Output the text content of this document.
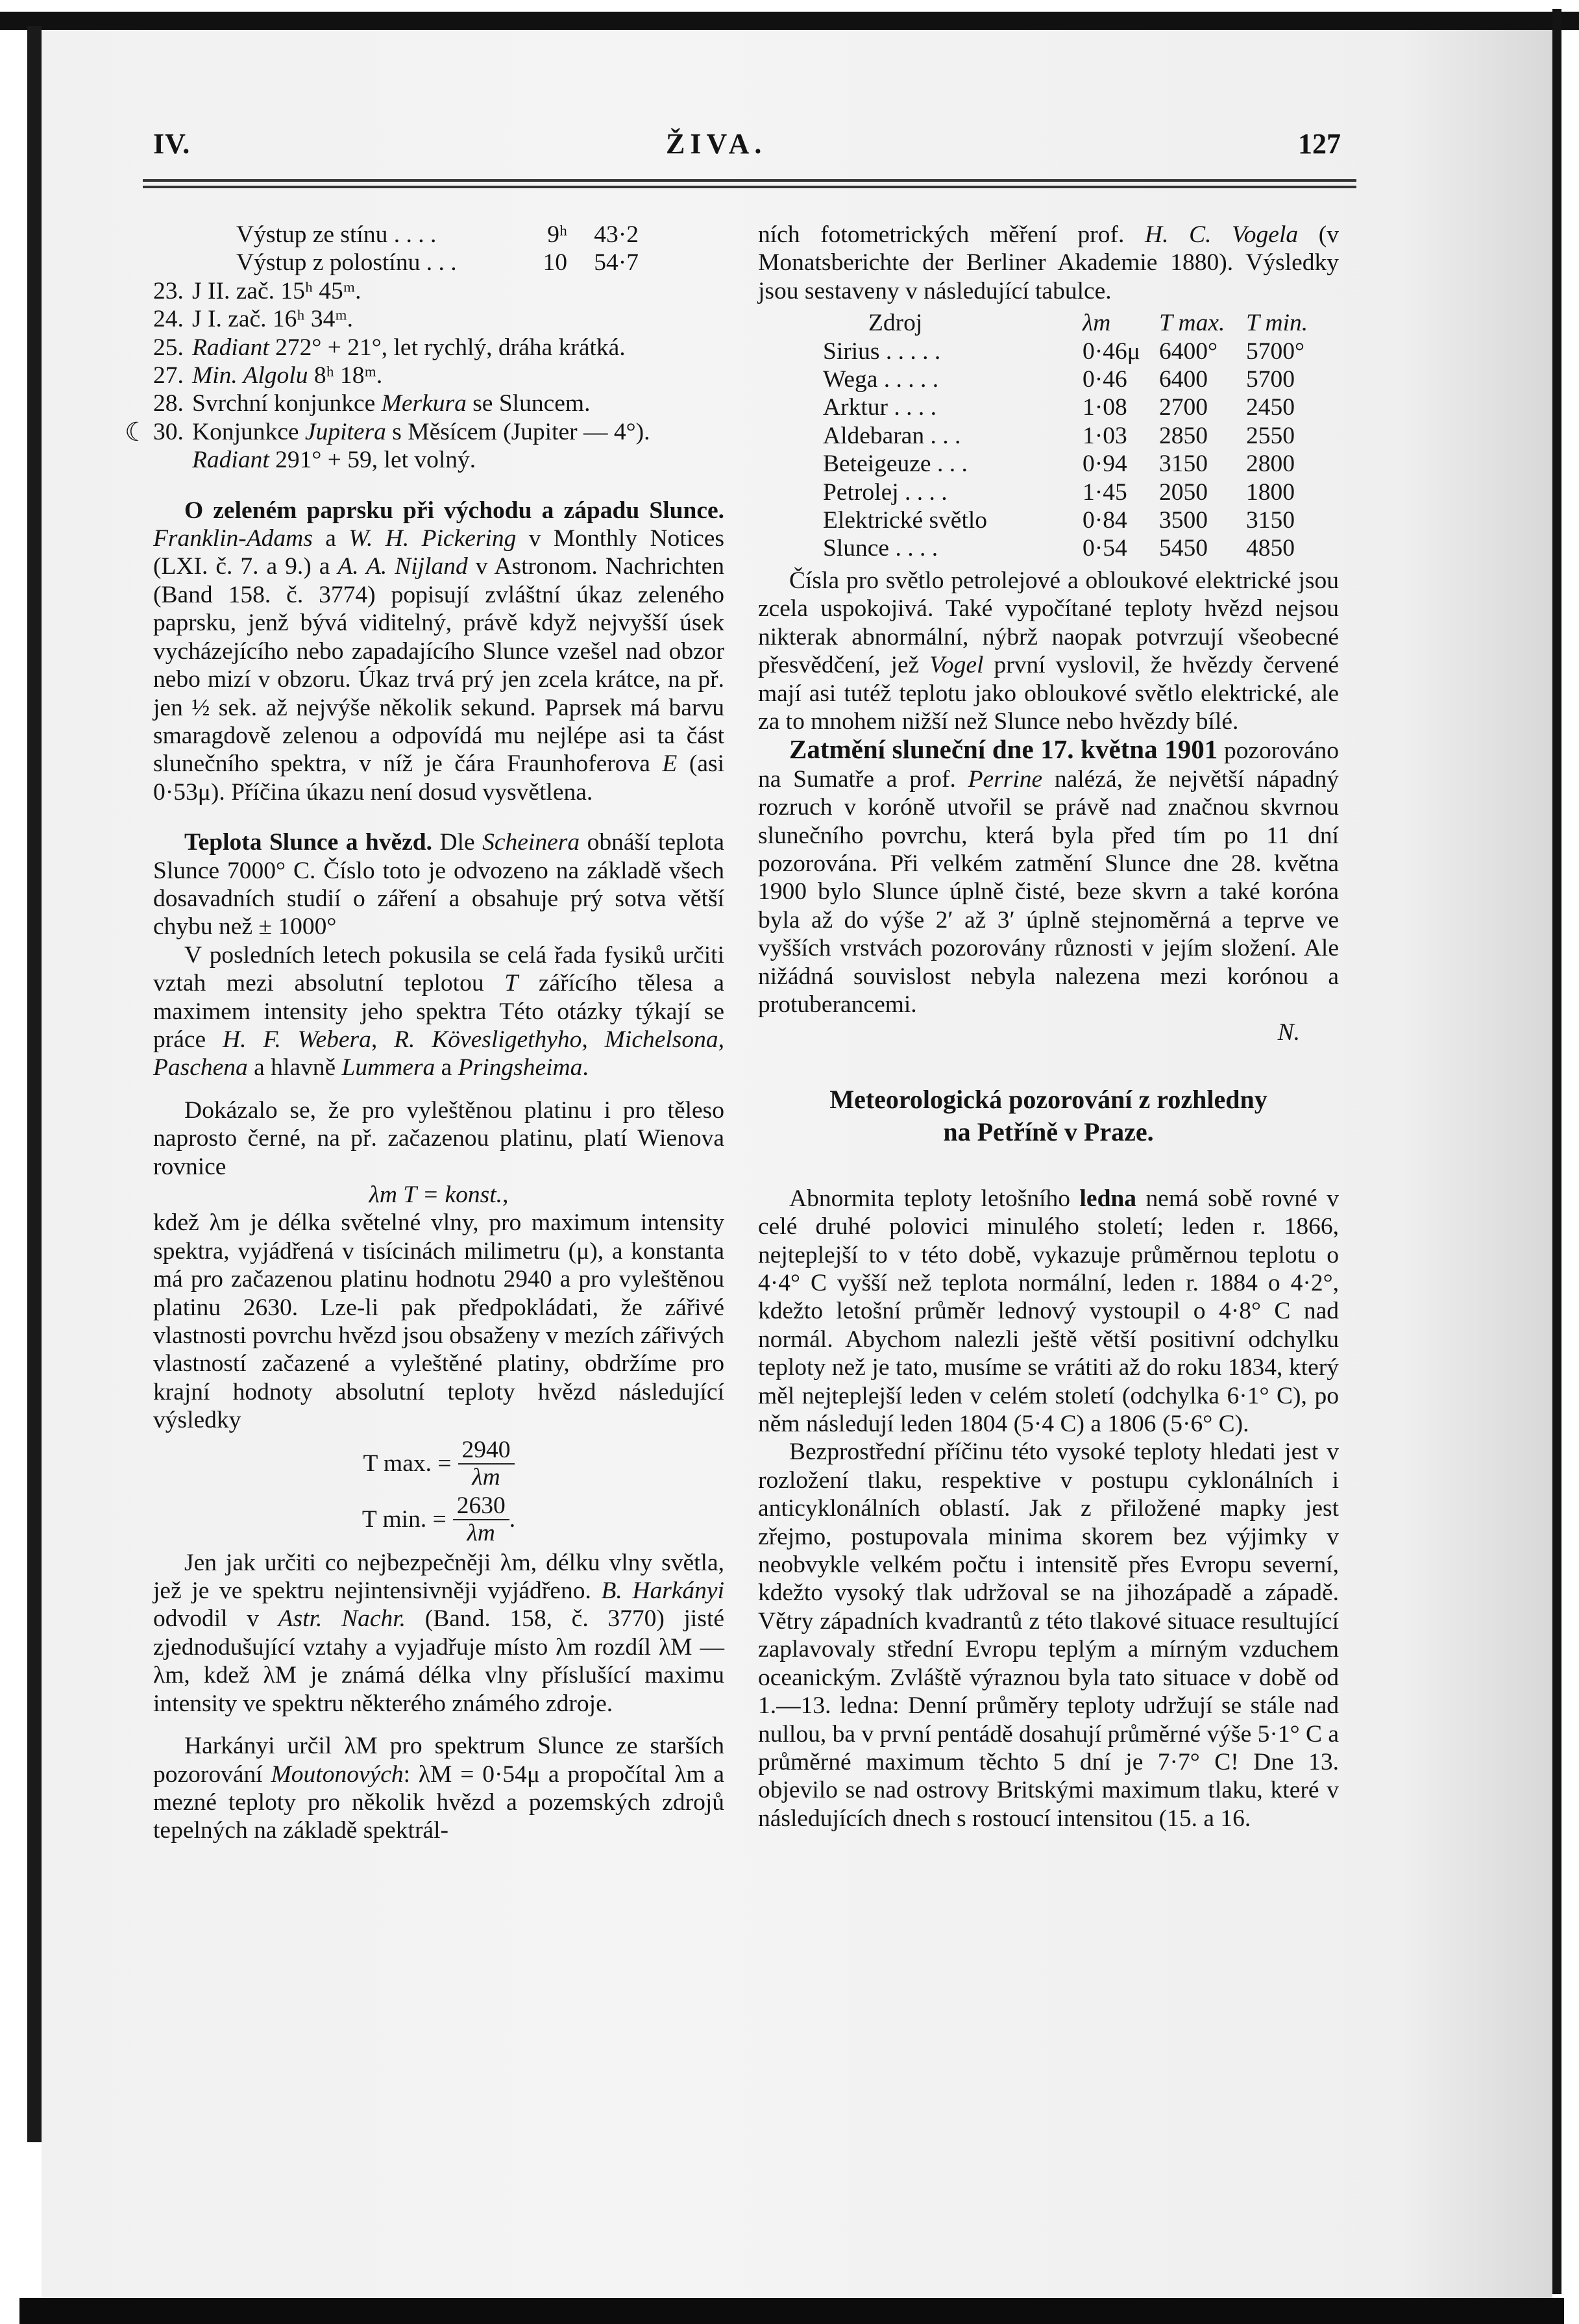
IV.	ŽIVA.	127
Výstup ze stínu . . . .	9ʰ	43·2
Výstup z polostínu . . .	10	54·7
23. J II. zač. 15ʰ 45ᵐ.
24. J I. zač. 16ʰ 34ᵐ.
25. Radiant 272° + 21°, let rychlý, dráha krátká.
27. Min. Algolu 8ʰ 18ᵐ.
28. Svrchní konjunkce Merkura se Sluncem.
☾ 30. Konjunkce Jupitera s Měsícem (Jupiter — 4°).
Radiant 291° + 59, let volný.

O zeleném paprsku při východu a západu Slunce. Franklin-Adams a W. H. Pickering v Monthly Notices (LXI. č. 7. a 9.) a A. A. Nijland v Astronom. Nachrichten (Band 158. č. 3774) popisují zvláštní úkaz zeleného paprsku, jenž bývá viditelný, právě když nejvyšší úsek vycházejícího nebo zapadajícího Slunce vzešel nad obzor nebo mizí v obzoru. Úkaz trvá prý jen zcela krátce, na př. jen ½ sek. až nejvýše několik sekund. Paprsek má barvu smaragdově zelenou a odpovídá mu nejlépe asi ta část slunečního spektra, v níž je čára Fraunhoferova E (asi 0·53μ). Příčina úkazu není dosud vysvětlena.

Teplota Slunce a hvězd. Dle Scheinera obnáší teplota Slunce 7000° C. Číslo toto je odvozeno na základě všech dosavadních studií o záření a obsahuje prý sotva větší chybu než ± 1000°

V posledních letech pokusila se celá řada fysiků určiti vztah mezi absolutní teplotou T zářícího tělesa a maximem intensity jeho spektra Této otázky týkají se práce H. F. Webera, R. Kövesligethyho, Michelsona, Paschena a hlavně Lummera a Pringsheima.

Dokázalo se, že pro vyleštěnou platinu i pro těleso naprosto černé, na př. začazenou platinu, platí Wienova rovnice

λm T = konst.,

kdež λm je délka světelné vlny, pro maximum intensity spektra, vyjádřená v tisícinách milimetru (μ), a konstanta má pro začazenou platinu hodnotu 2940 a pro vyleštěnou platinu 2630. Lze-li pak předpokládati, že zářivé vlastnosti povrchu hvězd jsou obsaženy v mezích zářivých vlastností začazené a vyleštěné platiny, obdržíme pro krajní hodnoty absolutní teploty hvězd následující výsledky

T max. = $\frac{2940}{\lambda m}$
T min. = $\frac{2630}{\lambda m}$ .

Jen jak určiti co nejbezpečněji λm, délku vlny světla, jež je ve spektru nejintensivněji vyjádřeno. B. Harkányi odvodil v Astr. Nachr. (Band. 158, č. 3770) jisté zjednodušující vztahy a vyjadřuje místo λm rozdíl λM — λm, kdež λM je známá délka vlny příslušící maximu intensity ve spektru některého známého zdroje.

Harkányi určil λM pro spektrum Slunce ze starších pozorování Moutonových: λM = 0·54μ a propočítal λm a mezné teploty pro několik hvězd a pozemských zdrojů tepelných na základě spektrál-

ních fotometrických měření prof. H. C. Vogela (v Monatsberichte der Berliner Akademie 1880). Výsledky jsou sestaveny v následující tabulce.

Zdroj	λm	T max.	T min.
Sirius . . . . .	0·46μ	6400°	5700°
Wega . . . . .	0·46	6400	5700
Arktur . . . .	1·08	2700	2450
Aldebaran . . .	1·03	2850	2550
Beteigeuze . . .	0·94	3150	2800
Petrolej . . . .	1·45	2050	1800
Elektrické světlo	0·84	3500	3150
Slunce . . . .	0·54	5450	4850

Čísla pro světlo petrolejové a obloukové elektrické jsou zcela uspokojivá. Také vypočítané teploty hvězd nejsou nikterak abnormální, nýbrž naopak potvrzují všeobecné přesvědčení, jež Vogel první vyslovil, že hvězdy červené mají asi tutéž teplotu jako obloukové světlo elektrické, ale za to mnohem nižší než Slunce nebo hvězdy bílé.

Zatmění sluneční dne 17. května 1901 pozorováno na Sumatře a prof. Perrine nalézá, že největší nápadný rozruch v koróně utvořil se právě nad značnou skvrnou slunečního povrchu, která byla před tím po 11 dní pozorována. Při velkém zatmění Slunce dne 28. května 1900 bylo Slunce úplně čisté, beze skvrn a také koróna byla až do výše 2′ až 3′ úplně stejnoměrná a teprve ve vyšších vrstvách pozorovány různosti v jejím složení. Ale nižádná souvislost nebyla nalezena mezi korónou a protuberancemi.

N.

Meteorologická pozorování z rozhledny
na Petříně v Praze.

Abnormita teploty letošního ledna nemá sobě rovné v celé druhé polovici minulého století; leden r. 1866, nejteplejší to v této době, vykazuje průměrnou teplotu o 4·4° C vyšší než teplota normální, leden r. 1884 o 4·2°, kdežto letošní průměr lednový vystoupil o 4·8° C nad normál. Abychom nalezli ještě větší positivní odchylku teploty než je tato, musíme se vrátiti až do roku 1834, který měl nejteplejší leden v celém století (odchylka 6·1° C), po něm následují leden 1804 (5·4 C) a 1806 (5·6° C).

Bezprostřední příčinu této vysoké teploty hledati jest v rozložení tlaku, respektive v postupu cyklonálních i anticyklonálních oblastí. Jak z přiložené mapky jest zřejmo, postupovala minima skorem bez výjimky v neobvykle velkém počtu i intensitě přes Evropu severní, kdežto vysoký tlak udržoval se na jihozápadě a západě. Větry západních kvadrantů z této tlakové situace resultující zaplavovaly střední Evropu teplým a mírným vzduchem oceanickým. Zvláště výraznou byla tato situace v době od 1.—13. ledna: Denní průměry teploty udržují se stále nad nullou, ba v první pentádě dosahují průměrné výše 5·1° C a průměrné maximum těchto 5 dní je 7·7° C! Dne 13. objevilo se nad ostrovy Britskými maximum tlaku, které v následujících dnech s rostoucí intensitou (15. a 16.
